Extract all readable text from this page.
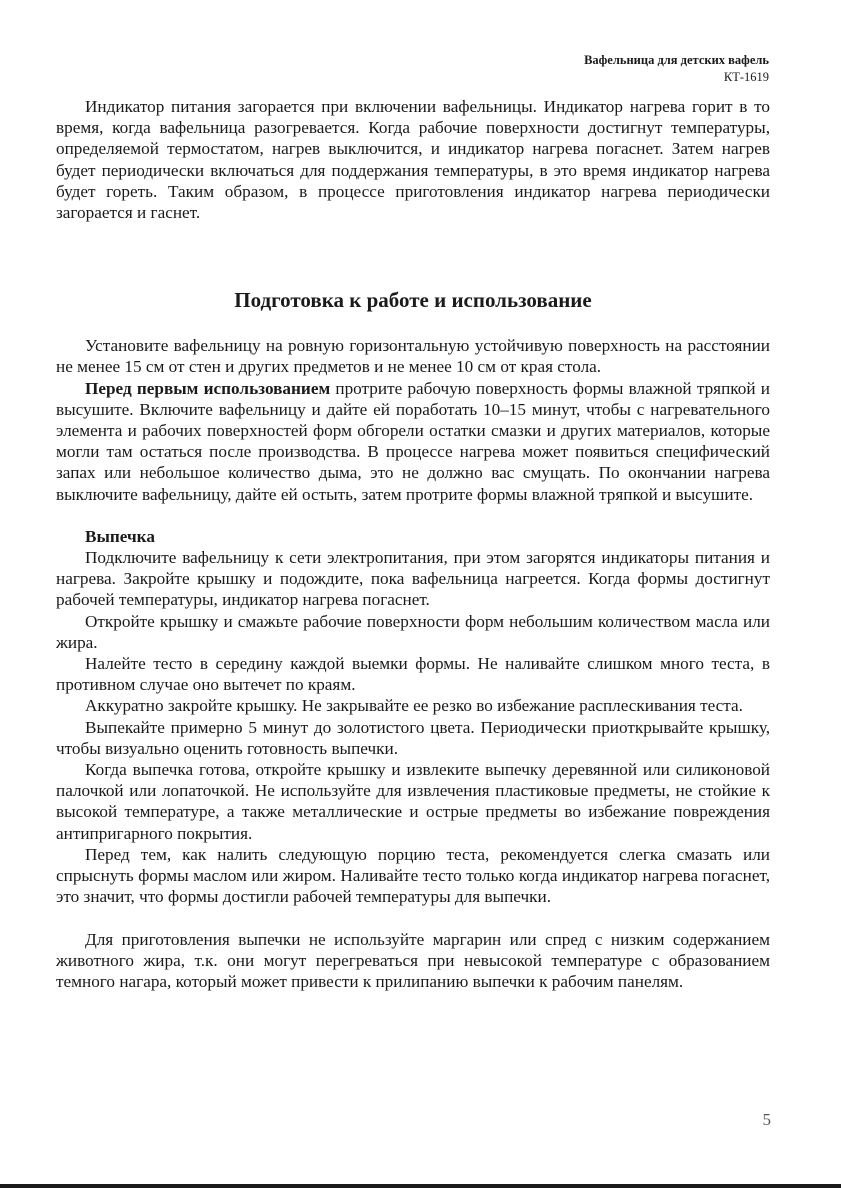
Вафельница для детских вафель
КТ-1619

Индикатор питания загорается при включении вафельницы. Индикатор нагрева горит в то время, когда вафельница разогревается. Когда рабочие поверхности достигнут температуры, определяемой термостатом, нагрев выключится, и индикатор нагрева погаснет. Затем нагрев будет периодически включаться для поддержания температуры, в это время индикатор нагрева будет гореть. Таким образом, в процессе приготовления индикатор нагрева периодически загорается и гаснет.

Подготовка к работе и использование

Установите вафельницу на ровную горизонтальную устойчивую поверхность на расстоянии не менее 15 см от стен и других предметов и не менее 10 см от края стола.

Перед первым использованием протрите рабочую поверхность формы влажной тряпкой и высушите. Включите вафельницу и дайте ей поработать 10–15 минут, чтобы с нагревательного элемента и рабочих поверхностей форм обгорели остатки смазки и других материалов, которые могли там остаться после производства. В процессе нагрева может появиться специфический запах или небольшое количество дыма, это не должно вас смущать. По окончании нагрева выключите вафельницу, дайте ей остыть, затем протрите формы влажной тряпкой и высушите.

Выпечка

Подключите вафельницу к сети электропитания, при этом загорятся индикаторы питания и нагрева. Закройте крышку и подождите, пока вафельница нагреется. Когда формы достигнут рабочей температуры, индикатор нагрева погаснет.

Откройте крышку и смажьте рабочие поверхности форм небольшим количеством масла или жира.

Налейте тесто в середину каждой выемки формы. Не наливайте слишком много теста, в противном случае оно вытечет по краям.

Аккуратно закройте крышку. Не закрывайте ее резко во избежание расплескивания теста.

Выпекайте примерно 5 минут до золотистого цвета. Периодически приоткрывайте крышку, чтобы визуально оценить готовность выпечки.

Когда выпечка готова, откройте крышку и извлеките выпечку деревянной или силиконовой палочкой или лопаточкой. Не используйте для извлечения пластиковые предметы, не стойкие к высокой температуре, а также металлические и острые предметы во избежание повреждения антипригарного покрытия.

Перед тем, как налить следующую порцию теста, рекомендуется слегка смазать или спрыснуть формы маслом или жиром. Наливайте тесто только когда индикатор нагрева погаснет, это значит, что формы достигли рабочей температуры для выпечки.

Для приготовления выпечки не используйте маргарин или спред с низким содержанием животного жира, т.к. они могут перегреваться при невысокой температуре с образованием темного нагара, который может привести к прилипанию выпечки к рабочим панелям.

5
